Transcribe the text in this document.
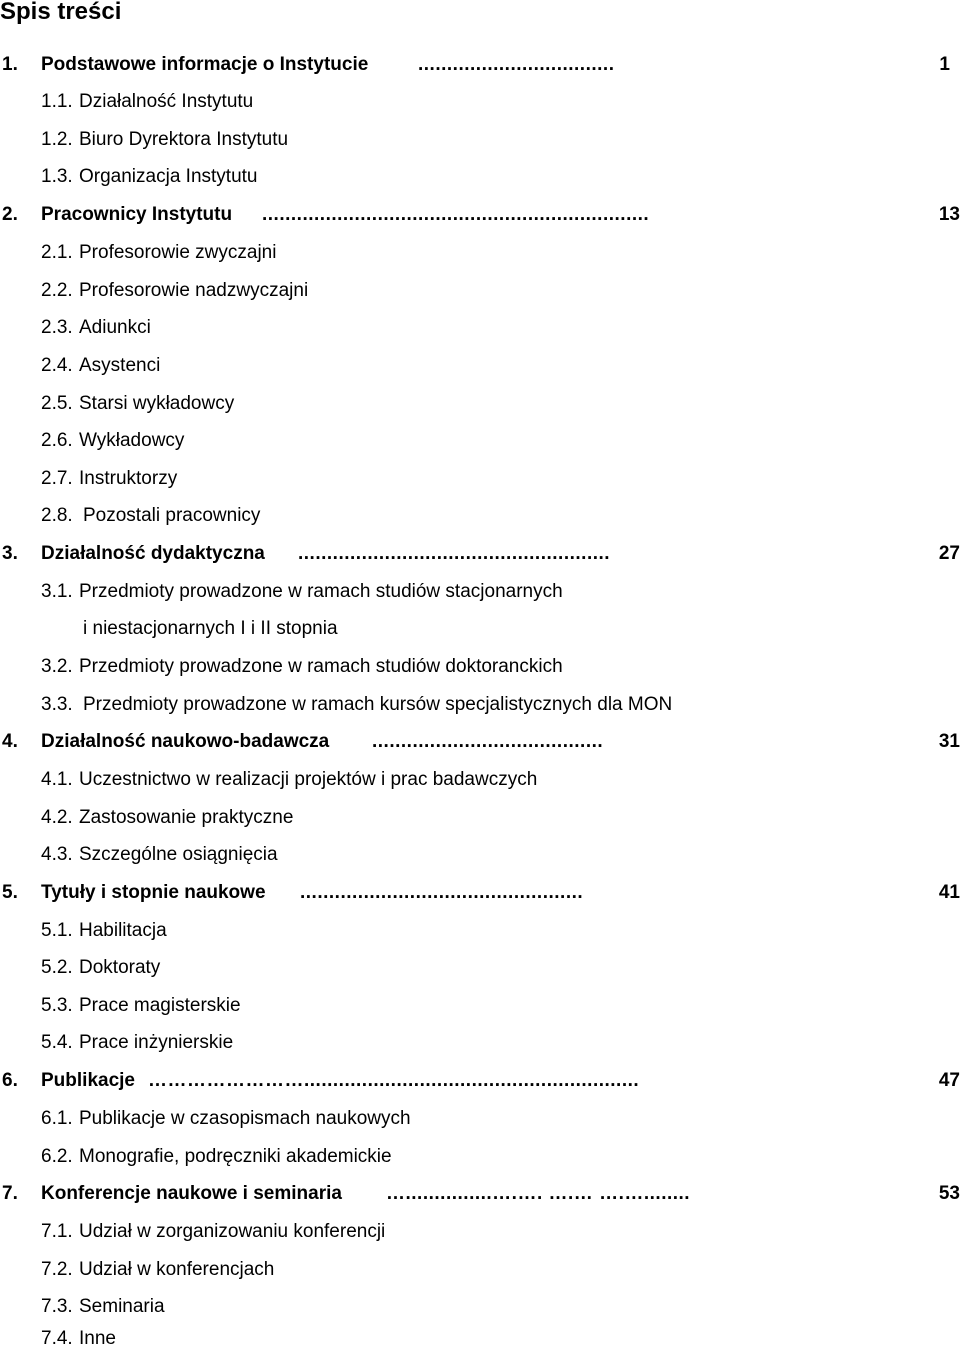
Spis treści
1. Podstawowe informacje o Instytucie	..................................	1
1.1. Działalność Instytutu
1.2. Biuro Dyrektora Instytutu
1.3. Organizacja Instytutu
2. Pracownicy Instytutu ...................................................................	13
2.1. Profesorowie zwyczajni
2.2. Profesorowie nadzwyczajni
2.3. Adiunkci
2.4. Asystenci
2.5. Starsi wykładowcy
2.6. Wykładowcy
2.7. Instruktorzy
2.8. Pozostali pracownicy
3. Działalność dydaktyczna ......................................................	27
3.1. Przedmioty prowadzone w ramach studiów stacjonarnych
i niestacjonarnych I i II stopnia
3.2. Przedmioty prowadzone w ramach studiów doktoranckich
3.3. Przedmioty prowadzone w ramach kursów specjalistycznych dla MON
4. Działalność naukowo-badawcza ........................................	31
4.1. Uczestnictwo w realizacji projektów i prac badawczych
4.2. Zastosowanie praktyczne
4.3. Szczególne osiągnięcia
5. Tytuły i stopnie naukowe .................................................	41
5.1. Habilitacja
5.2. Doktoraty
5.3. Prace magisterskie
5.4. Prace inżynierskie
6. Publikacje ……………………..........................................................	47
6.1. Publikacje w czasopismach naukowych
6.2. Monografie, podręczniki akademickie
7. Konferencje naukowe i seminaria …...............….…. ….… ….…........	53
7.1. Udział w zorganizowaniu konferencji
7.2. Udział w konferencjach
7.3. Seminaria
7.4. Inne
